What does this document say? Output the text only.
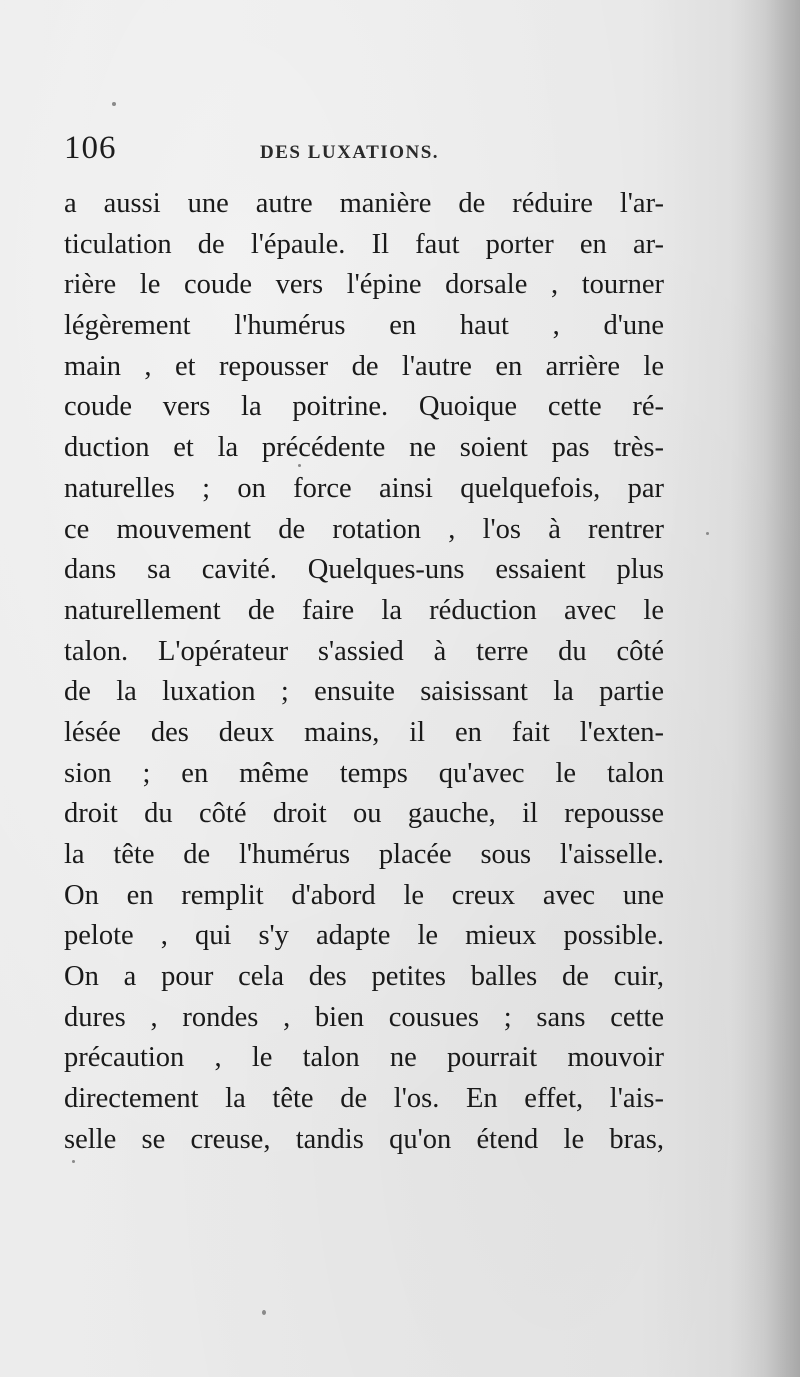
106	DES LUXATIONS.
a aussi une autre manière de réduire l'ar-
ticulation de l'épaule. Il faut porter en ar-
rière le coude vers l'épine dorsale , tourner
légèrement l'humérus en haut , d'une
main , et repousser de l'autre en arrière le
coude vers la poitrine. Quoique cette ré-
duction et la précédente ne soient pas très-
naturelles ; on force ainsi quelquefois, par
ce mouvement de rotation , l'os à rentrer
dans sa cavité. Quelques-uns essaient plus
naturellement de faire la réduction avec le
talon. L'opérateur s'assied à terre du côté
de la luxation ; ensuite saisissant la partie
lésée des deux mains, il en fait l'exten-
sion ; en même temps qu'avec le talon
droit du côté droit ou gauche, il repousse
la tête de l'humérus placée sous l'aisselle.
On en remplit d'abord le creux avec une
pelote , qui s'y adapte le mieux possible.
On a pour cela des petites balles de cuir,
dures , rondes , bien cousues ; sans cette
précaution , le talon ne pourrait mouvoir
directement la tête de l'os. En effet, l'ais-
selle se creuse, tandis qu'on étend le bras,
